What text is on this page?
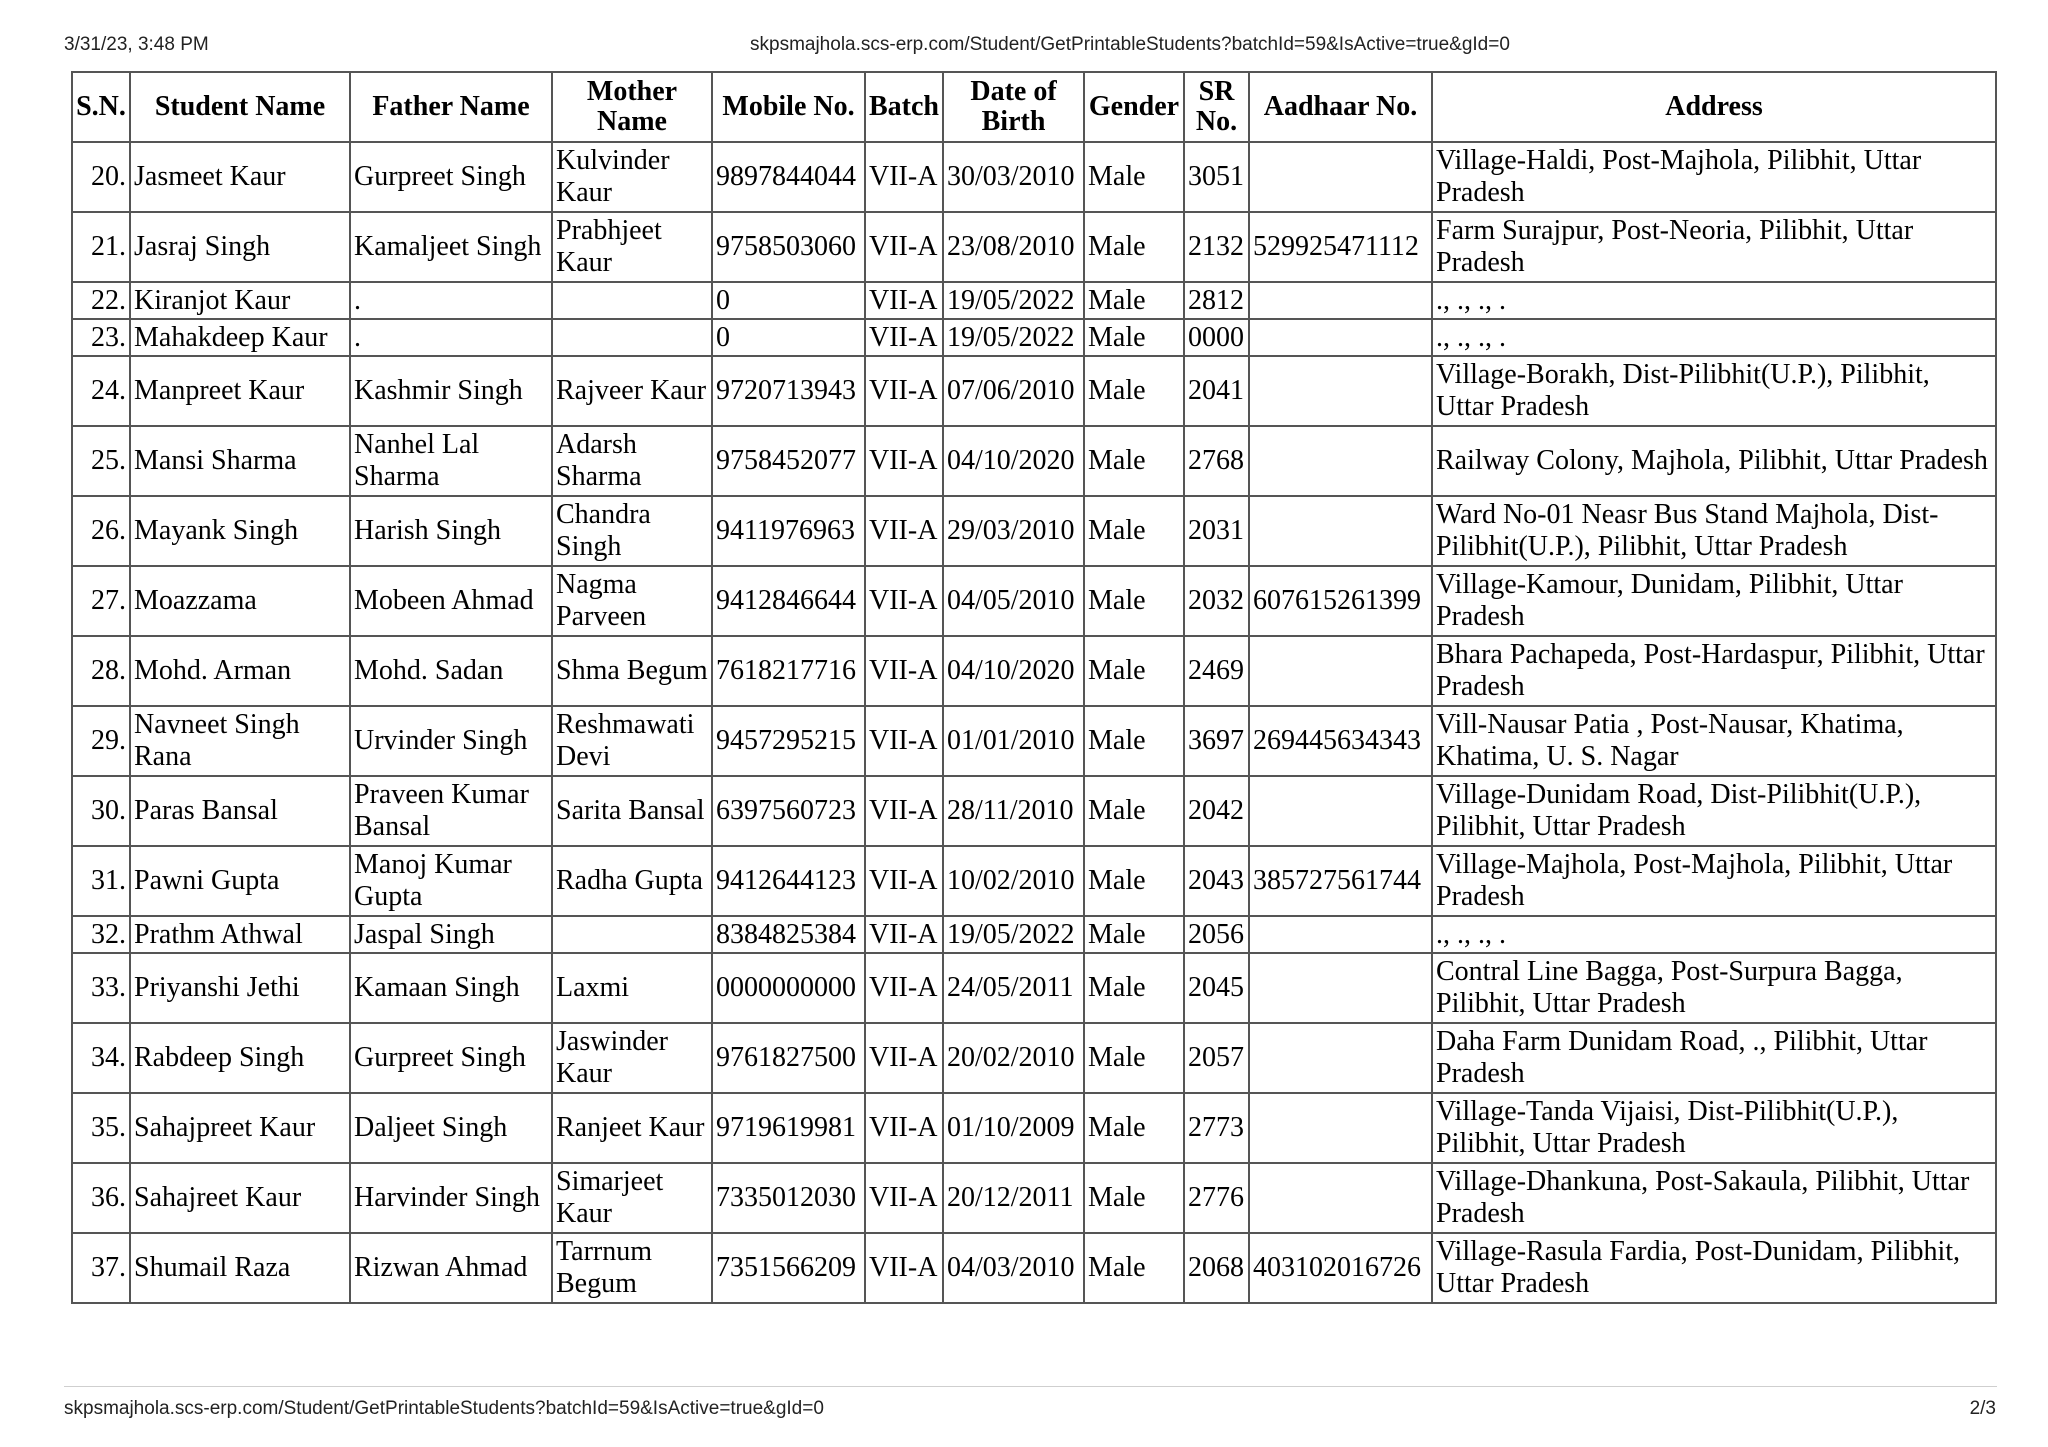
3/31/23, 3:48 PM	skpsmajhola.scs-erp.com/Student/GetPrintableStudents?batchId=59&IsActive=true&gId=0
S.N.	Student Name	Father Name	Mother Name	Mobile No.	Batch	Date of Birth	Gender	SR No.	Aadhaar No.	Address
20.	Jasmeet Kaur	Gurpreet Singh	Kulvinder Kaur	9897844044	VII-A	30/03/2010	Male	3051		Village-Haldi, Post-Majhola, Pilibhit, Uttar Pradesh
21.	Jasraj Singh	Kamaljeet Singh	Prabhjeet Kaur	9758503060	VII-A	23/08/2010	Male	2132	529925471112	Farm Surajpur, Post-Neoria, Pilibhit, Uttar Pradesh
22.	Kiranjot Kaur	.		0	VII-A	19/05/2022	Male	2812		., ., ., .
23.	Mahakdeep Kaur	.		0	VII-A	19/05/2022	Male	0000		., ., ., .
24.	Manpreet Kaur	Kashmir Singh	Rajveer Kaur	9720713943	VII-A	07/06/2010	Male	2041		Village-Borakh, Dist-Pilibhit(U.P.), Pilibhit, Uttar Pradesh
25.	Mansi Sharma	Nanhel Lal Sharma	Adarsh Sharma	9758452077	VII-A	04/10/2020	Male	2768		Railway Colony, Majhola, Pilibhit, Uttar Pradesh
26.	Mayank Singh	Harish Singh	Chandra Singh	9411976963	VII-A	29/03/2010	Male	2031		Ward No-01 Neasr Bus Stand Majhola, Dist-Pilibhit(U.P.), Pilibhit, Uttar Pradesh
27.	Moazzama	Mobeen Ahmad	Nagma Parveen	9412846644	VII-A	04/05/2010	Male	2032	607615261399	Village-Kamour, Dunidam, Pilibhit, Uttar Pradesh
28.	Mohd. Arman	Mohd. Sadan	Shma Begum	7618217716	VII-A	04/10/2020	Male	2469		Bhara Pachapeda, Post-Hardaspur, Pilibhit, Uttar Pradesh
29.	Navneet Singh Rana	Urvinder Singh	Reshmawati Devi	9457295215	VII-A	01/01/2010	Male	3697	269445634343	Vill-Nausar Patia , Post-Nausar, Khatima, Khatima, U. S. Nagar
30.	Paras Bansal	Praveen Kumar Bansal	Sarita Bansal	6397560723	VII-A	28/11/2010	Male	2042		Village-Dunidam Road, Dist-Pilibhit(U.P.), Pilibhit, Uttar Pradesh
31.	Pawni Gupta	Manoj Kumar Gupta	Radha Gupta	9412644123	VII-A	10/02/2010	Male	2043	385727561744	Village-Majhola, Post-Majhola, Pilibhit, Uttar Pradesh
32.	Prathm Athwal	Jaspal Singh		8384825384	VII-A	19/05/2022	Male	2056		., ., ., .
33.	Priyanshi Jethi	Kamaan Singh	Laxmi	0000000000	VII-A	24/05/2011	Male	2045		Contral Line Bagga, Post-Surpura Bagga, Pilibhit, Uttar Pradesh
34.	Rabdeep Singh	Gurpreet Singh	Jaswinder Kaur	9761827500	VII-A	20/02/2010	Male	2057		Daha Farm Dunidam Road, ., Pilibhit, Uttar Pradesh
35.	Sahajpreet Kaur	Daljeet Singh	Ranjeet Kaur	9719619981	VII-A	01/10/2009	Male	2773		Village-Tanda Vijaisi, Dist-Pilibhit(U.P.), Pilibhit, Uttar Pradesh
36.	Sahajreet Kaur	Harvinder Singh	Simarjeet Kaur	7335012030	VII-A	20/12/2011	Male	2776		Village-Dhankuna, Post-Sakaula, Pilibhit, Uttar Pradesh
37.	Shumail Raza	Rizwan Ahmad	Tarrnum Begum	7351566209	VII-A	04/03/2010	Male	2068	403102016726	Village-Rasula Fardia, Post-Dunidam, Pilibhit, Uttar Pradesh
skpsmajhola.scs-erp.com/Student/GetPrintableStudents?batchId=59&IsActive=true&gId=0	2/3
